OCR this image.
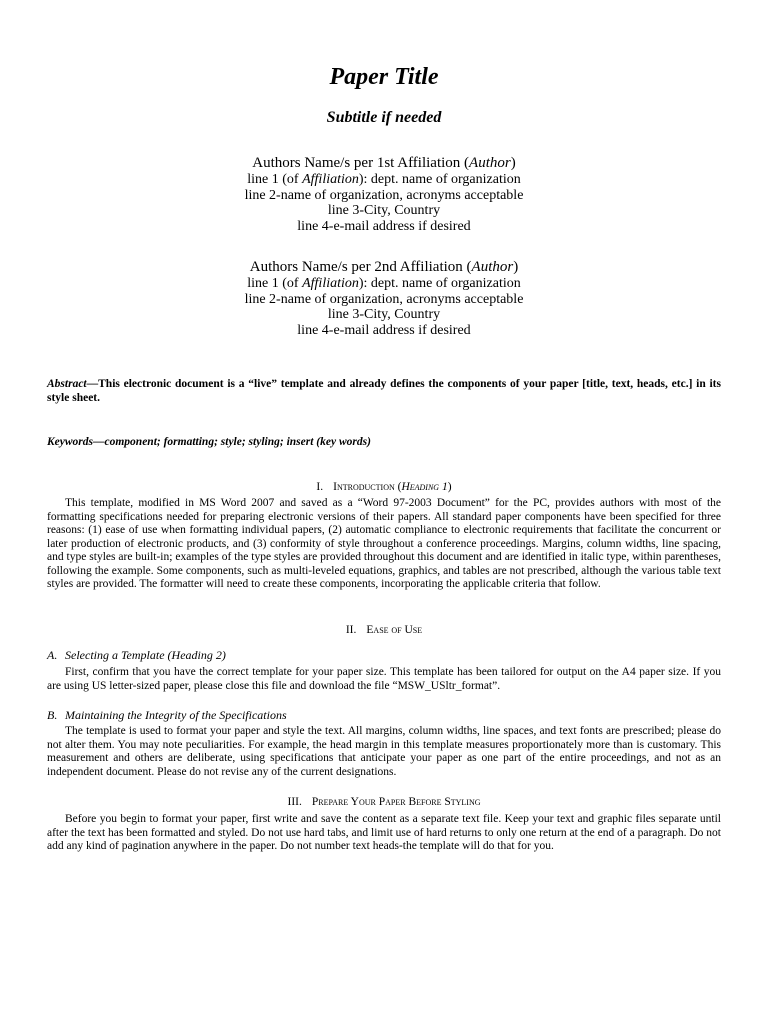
Paper Title
Subtitle if needed
Authors Name/s per 1st Affiliation (Author)
line 1 (of Affiliation): dept. name of organization
line 2-name of organization, acronyms acceptable
line 3-City, Country
line 4-e-mail address if desired
Authors Name/s per 2nd Affiliation (Author)
line 1 (of Affiliation): dept. name of organization
line 2-name of organization, acronyms acceptable
line 3-City, Country
line 4-e-mail address if desired
Abstract—This electronic document is a “live” template and already defines the components of your paper [title, text, heads, etc.] in its style sheet.
Keywords—component; formatting; style; styling; insert (key words)
I. Introduction (Heading 1)
This template, modified in MS Word 2007 and saved as a “Word 97-2003 Document” for the PC, provides authors with most of the formatting specifications needed for preparing electronic versions of their papers. All standard paper components have been specified for three reasons: (1) ease of use when formatting individual papers, (2) automatic compliance to electronic requirements that facilitate the concurrent or later production of electronic products, and (3) conformity of style throughout a conference proceedings. Margins, column widths, line spacing, and type styles are built-in; examples of the type styles are provided throughout this document and are identified in italic type, within parentheses, following the example. Some components, such as multi-leveled equations, graphics, and tables are not prescribed, although the various table text styles are provided. The formatter will need to create these components, incorporating the applicable criteria that follow.
II. Ease of Use
A. Selecting a Template (Heading 2)
First, confirm that you have the correct template for your paper size. This template has been tailored for output on the A4 paper size. If you are using US letter-sized paper, please close this file and download the file “MSW_USltr_format”.
B. Maintaining the Integrity of the Specifications
The template is used to format your paper and style the text. All margins, column widths, line spaces, and text fonts are prescribed; please do not alter them. You may note peculiarities. For example, the head margin in this template measures proportionately more than is customary. This measurement and others are deliberate, using specifications that anticipate your paper as one part of the entire proceedings, and not as an independent document. Please do not revise any of the current designations.
III. Prepare Your Paper Before Styling
Before you begin to format your paper, first write and save the content as a separate text file. Keep your text and graphic files separate until after the text has been formatted and styled. Do not use hard tabs, and limit use of hard returns to only one return at the end of a paragraph. Do not add any kind of pagination anywhere in the paper. Do not number text heads-the template will do that for you.
